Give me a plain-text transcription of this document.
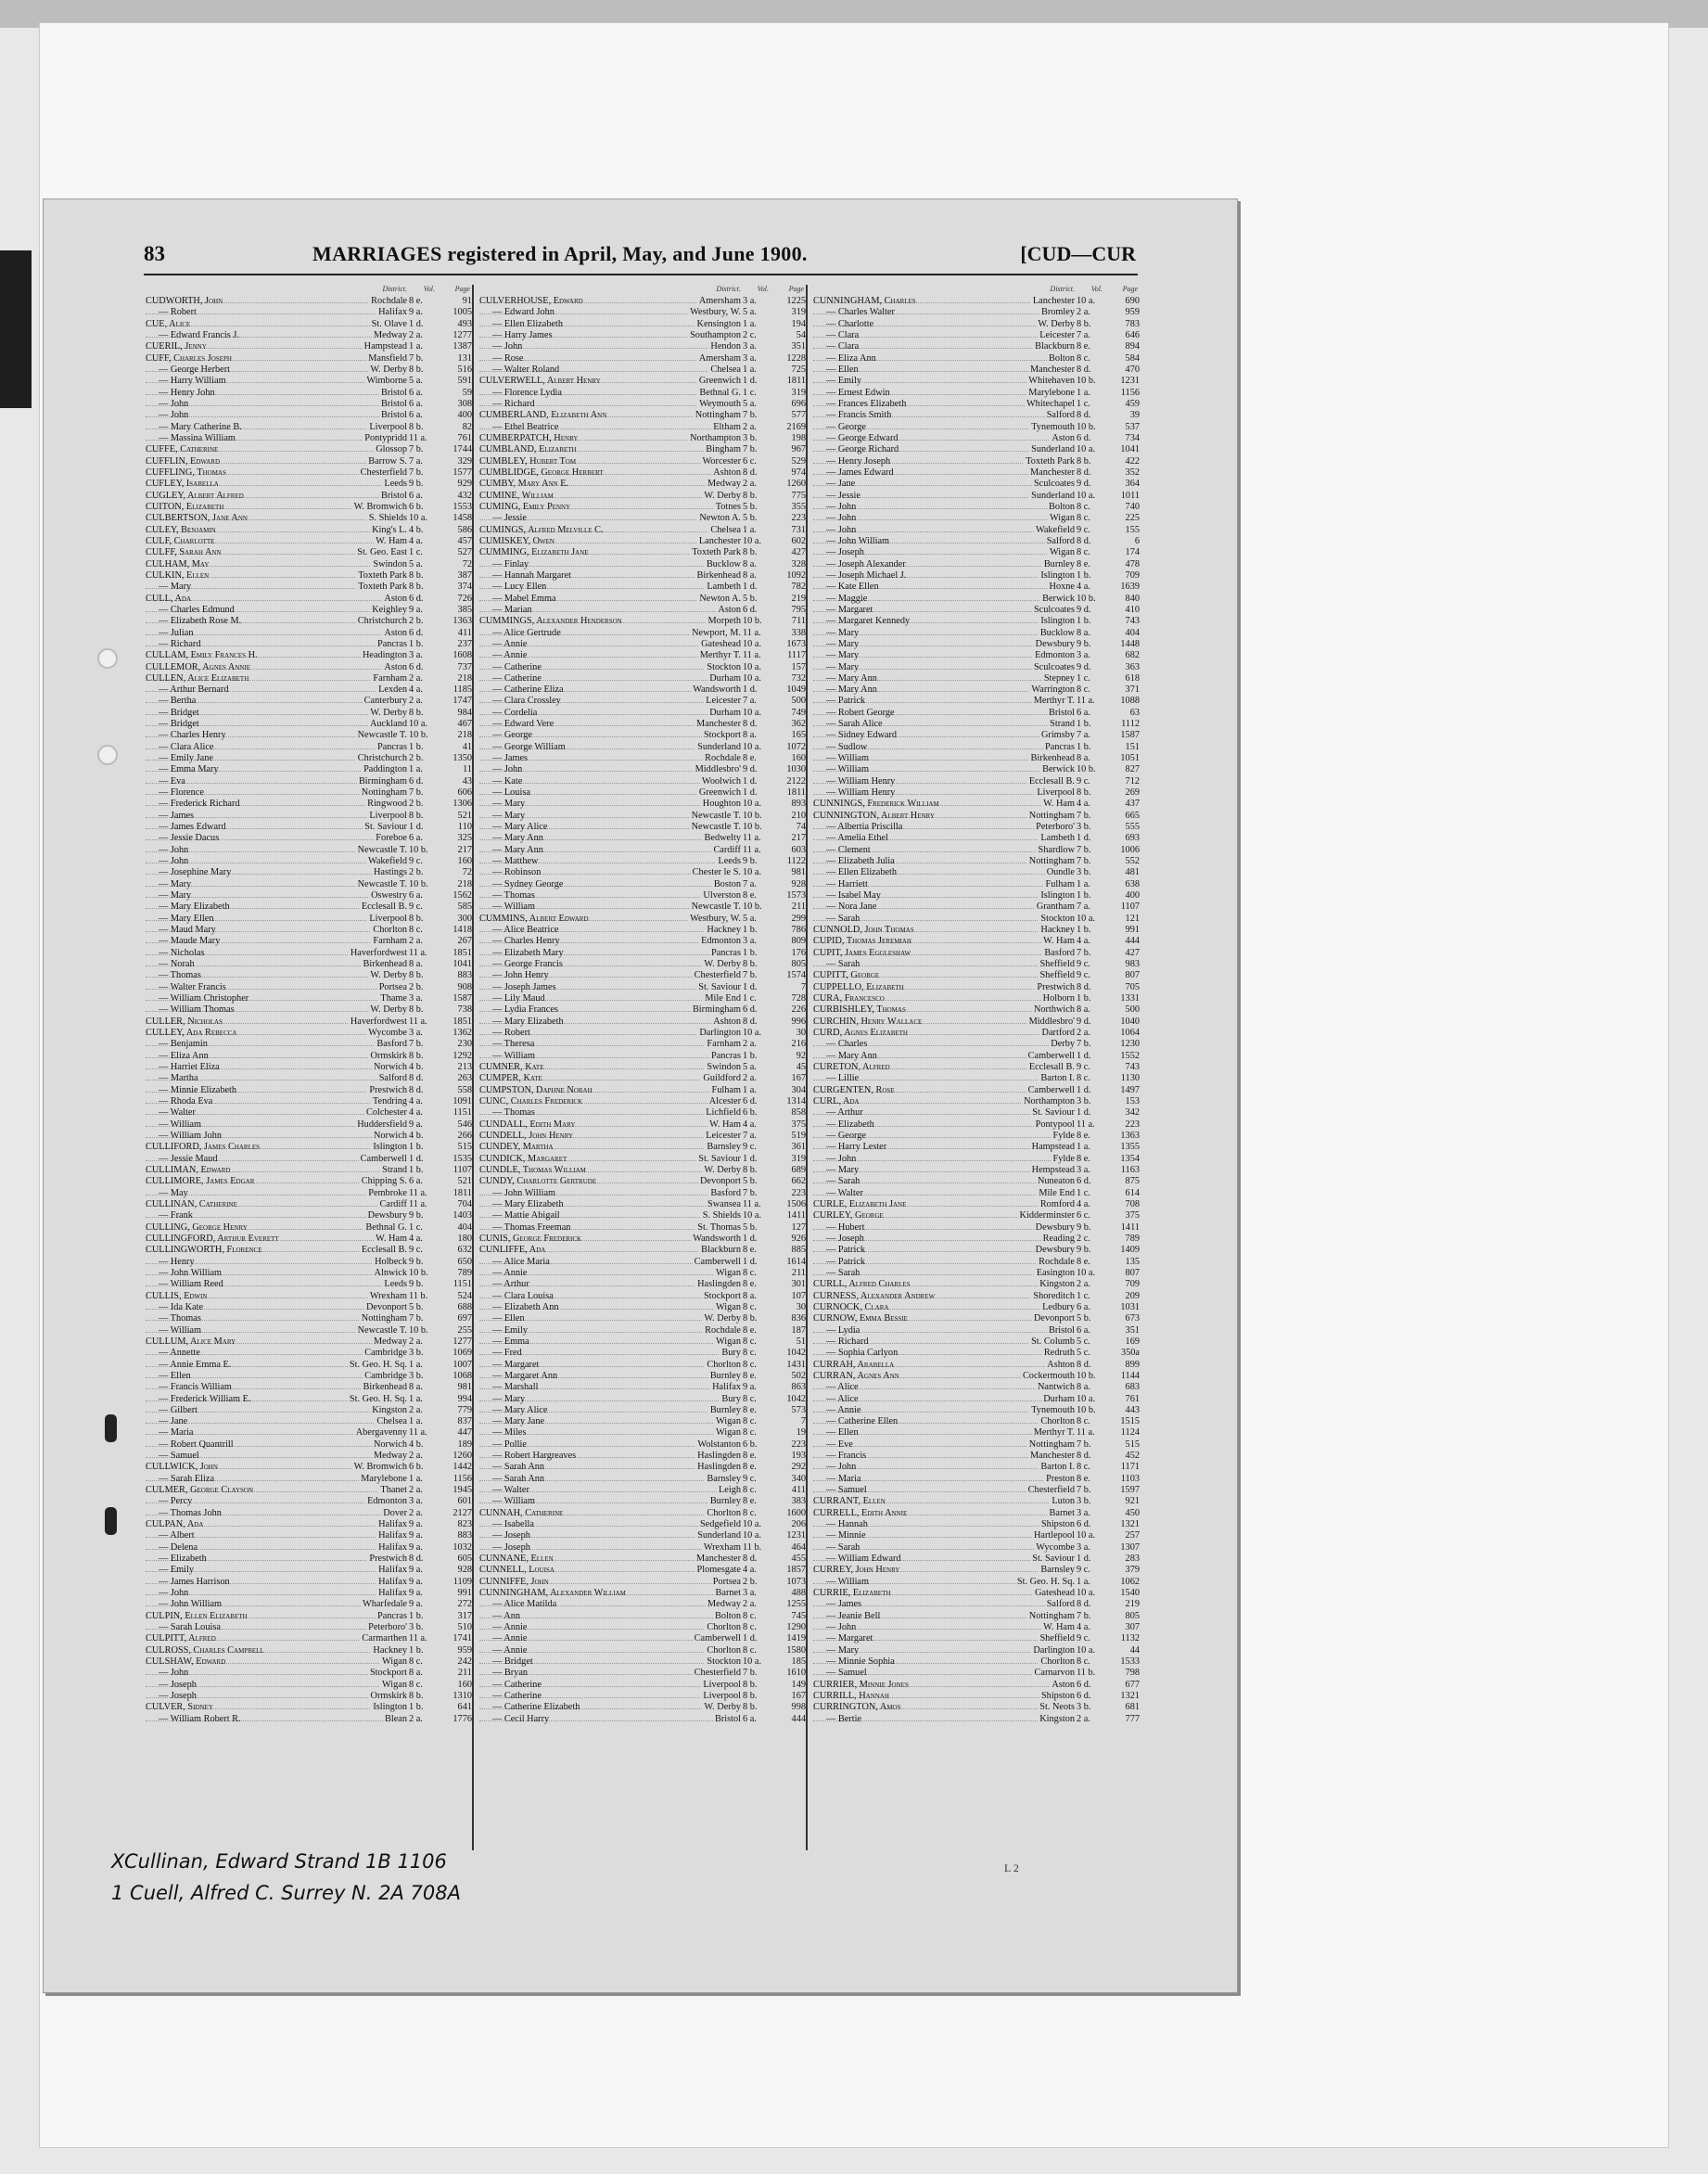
83	MARRIAGES registered in April, May, and June 1900.	[CUD—CUR
District. Vol.	Page
CUDWORTH, John	Rochdale 8 e.	91
— Robert	Halifax 9 a.	1005
CUE, Alice	St. Olave 1 d.	493
— Edward Francis J.	Medway 2 a.	1277
CUERIL, Jenny	Hampstead 1 a.	1387
CUFF, Charles Joseph	Mansfield 7 b.	131
— George Herbert	W. Derby 8 b.	516
— Harry William	Wimborne 5 a.	591
— Henry John	Bristol 6 a.	59
— John	Bristol 6 a.	308
— John	Bristol 6 a.	400
— Mary Catherine B.	Liverpool 8 b.	82
— Massina William	Pontypridd 11 a.	761
CUFFE, Catherine	Glossop 7 b.	1744
CUFFLIN, Edward	Barrow S. 7 a.	329
CUFFLING, Thomas	Chesterfield 7 b.	1577
CUFLEY, Isabella	Leeds 9 b.	929
CUGLEY, Albert Alfred	Bristol 6 a.	432
CUITON, Elizabeth	W. Bromwich 6 b.	1553
CULBERTSON, Jane Ann	S. Shields 10 a.	1458
CULEY, Benjamin	King's L. 4 b.	586
CULF, Charlotte	W. Ham 4 a.	457
CULFF, Sarah Ann	St. Geo. East 1 c.	527
CULHAM, May	Swindon 5 a.	72
CULKIN, Ellen	Toxteth Park 8 b.	387
— Mary	Toxteth Park 8 b.	374
CULL, Ada	Aston 6 d.	726
— Charles Edmund	Keighley 9 a.	385
— Elizabeth Rose M.	Christchurch 2 b.	1363
— Julian	Aston 6 d.	411
— Richard	Pancras 1 b.	237
CULLAM, Emily Frances H.	Headington 3 a.	1608
CULLEMOR, Agnes Annie	Aston 6 d.	737
CULLEN, Alice Elizabeth	Farnham 2 a.	218
— Arthur Bernard	Lexden 4 a.	1185
— Bertha	Canterbury 2 a.	1747
— Bridget	W. Derby 8 b.	984
— Bridget	Auckland 10 a.	467
— Charles Henry	Newcastle T. 10 b.	218
— Clara Alice	Pancras 1 b.	41
— Emily Jane	Christchurch 2 b.	1350
— Emma Mary	Paddington 1 a.	11
— Eva	Birmingham 6 d.	43
— Florence	Nottingham 7 b.	606
— Frederick Richard	Ringwood 2 b.	1306
— James	Liverpool 8 b.	521
— James Edward	St. Saviour 1 d.	110
— Jessie Dacus	Foreboe 6 a.	325
— John	Newcastle T. 10 b.	217
— John	Wakefield 9 c.	160
— Josephine Mary	Hastings 2 b.	72
— Mary	Newcastle T. 10 b.	218
— Mary	Oswestry 6 a.	1562
— Mary Elizabeth	Ecclesall B. 9 c.	585
— Mary Ellen	Liverpool 8 b.	300
— Maud Mary	Chorlton 8 c.	1418
— Maude Mary	Farnham 2 a.	267
— Nicholas	Haverfordwest 11 a.	1851
— Norah	Birkenhead 8 a.	1041
— Thomas	W. Derby 8 b.	883
— Walter Francis	Portsea 2 b.	908
— William Christopher	Thame 3 a.	1587
— William Thomas	W. Derby 8 b.	738
CULLER, Nicholas	Haverfordwest 11 a.	1851
CULLEY, Ada Rebecca	Wycombe 3 a.	1362
— Benjamin	Basford 7 b.	230
— Eliza Ann	Ormskirk 8 b.	1292
— Harriet Eliza	Norwich 4 b.	213
— Martha	Salford 8 d.	263
— Minnie Elizabeth	Prestwich 8 d.	558
— Rhoda Eva	Tendring 4 a.	1091
— Walter	Colchester 4 a.	1151
— William	Huddersfield 9 a.	546
— William John	Norwich 4 b.	266
CULLIFORD, James Charles	Islington 1 b.	515
— Jessie Maud	Camberwell 1 d.	1535
CULLIMAN, Edward	Strand 1 b.	1107
CULLIMORE, James Edgar	Chipping S. 6 a.	521
— May	Pembroke 11 a.	1811
CULLINAN, Catherine	Cardiff 11 a.	704
— Frank	Dewsbury 9 b.	1403
CULLING, George Henry	Bethnal G. 1 c.	404
CULLINGFORD, Arthur Everett	W. Ham 4 a.	180
CULLINGWORTH, Florence	Ecclesall B. 9 c.	632
— Henry	Holbeck 9 b.	650
— John William	Alnwick 10 b.	789
— William Reed	Leeds 9 b.	1151
CULLIS, Edwin	Wrexham 11 b.	524
— Ida Kate	Devonport 5 b.	688
— Thomas	Nottingham 7 b.	697
— William	Newcastle T. 10 b.	255
CULLUM, Alice Mary	Medway 2 a.	1277
— Annette	Cambridge 3 b.	1069
— Annie Emma E.	St. Geo. H. Sq. 1 a.	1007
— Ellen	Cambridge 3 b.	1068
— Francis William	Birkenhead 8 a.	981
— Frederick William E.	St. Geo. H. Sq. 1 a.	994
— Gilbert	Kingston 2 a.	779
— Jane	Chelsea 1 a.	837
— Maria	Abergavenny 11 a.	447
— Robert Quantrill	Norwich 4 b.	189
— Samuel	Medway 2 a.	1260
CULLWICK, John	W. Bromwich 6 b.	1442
— Sarah Eliza	Marylebone 1 a.	1156
CULMER, George Clayson	Thanet 2 a.	1945
— Percy	Edmonton 3 a.	601
— Thomas John	Dover 2 a.	2127
CULPAN, Ada	Halifax 9 a.	823
— Albert	Halifax 9 a.	883
— Delena	Halifax 9 a.	1032
— Elizabeth	Prestwich 8 d.	605
— Emily	Halifax 9 a.	928
— James Harrison	Halifax 9 a.	1109
— John	Halifax 9 a.	991
— John William	Wharfedale 9 a.	272
CULPIN, Ellen Elizabeth	Pancras 1 b.	317
— Sarah Louisa	Peterboro' 3 b.	510
CULPITT, Alfred	Carmarthen 11 a.	1741
CULROSS, Charles Campbell	Hackney 1 b.	959
CULSHAW, Edward	Wigan 8 c.	242
— John	Stockport 8 a.	211
— Joseph	Wigan 8 c.	160
— Joseph	Ormskirk 8 b.	1310
CULVER, Sidney	Islington 1 b.	641
— William Robert R.	Blean 2 a.	1776
District. Vol.	Page
CULVERHOUSE, Edward	Amersham 3 a.	1225
— Edward John	Westbury, W. 5 a.	319
— Ellen Elizabeth	Kensington 1 a.	194
— Harry James	Southampton 2 c.	54
— John	Hendon 3 a.	351
— Rose	Amersham 3 a.	1228
— Walter Roland	Chelsea 1 a.	725
CULVERWELL, Albert Henry	Greenwich 1 d.	1811
— Florence Lydia	Bethnal G. 1 c.	319
— Richard	Weymouth 5 a.	696
CUMBERLAND, Elizabeth Ann	Nottingham 7 b.	577
— Ethel Beatrice	Eltham 2 a.	2169
CUMBERPATCH, Henry	Northampton 3 b.	198
CUMBLAND, Elizabeth	Bingham 7 b.	967
CUMBLEY, Hubert Tom	Worcester 6 c.	529
CUMBLIDGE, George Herbert	Ashton 8 d.	974
CUMBY, Mary Ann E.	Medway 2 a.	1260
CUMINE, William	W. Derby 8 b.	775
CUMING, Emily Penny	Totnes 5 b.	355
— Jessie	Newton A. 5 b.	223
CUMINGS, Alfred Melville C.	Chelsea 1 a.	731
CUMISKEY, Owen	Lanchester 10 a.	602
CUMMING, Elizabeth Jane	Toxteth Park 8 b.	427
— Finlay	Bucklow 8 a.	328
— Hannah Margaret	Birkenhead 8 a.	1092
— Lucy Ellen	Lambeth 1 d.	782
— Mabel Emma	Newton A. 5 b.	219
— Marian	Aston 6 d.	795
CUMMINGS, Alexander Henderson	Morpeth 10 b.	711
— Alice Gertrude	Newport, M. 11 a.	338
— Annie	Gateshead 10 a.	1673
— Annie	Merthyr T. 11 a.	1117
— Catherine	Stockton 10 a.	157
— Catherine	Durham 10 a.	732
— Catherine Eliza	Wandsworth 1 d.	1049
— Clara Crossley	Leicester 7 a.	500
— Cordelia	Durham 10 a.	749
— Edward Vere	Manchester 8 d.	362
— George	Stockport 8 a.	165
— George William	Sunderland 10 a.	1072
— James	Rochdale 8 e.	160
— John	Middlesbro' 9 d.	1030
— Kate	Woolwich 1 d.	2122
— Louisa	Greenwich 1 d.	1811
— Mary	Houghton 10 a.	893
— Mary	Newcastle T. 10 b.	210
— Mary Alice	Newcastle T. 10 b.	74
— Mary Ann	Bedwelty 11 a.	217
— Mary Ann	Cardiff 11 a.	603
— Matthew	Leeds 9 b.	1122
— Robinson	Chester le S. 10 a.	981
— Sydney George	Boston 7 a.	928
— Thomas	Ulverston 8 e.	1573
— William	Newcastle T. 10 b.	211
CUMMINS, Albert Edward	Westbury, W. 5 a.	299
— Alice Beatrice	Hackney 1 b.	786
— Charles Henry	Edmonton 3 a.	809
— Elizabeth Mary	Pancras 1 b.	176
— George Francis	W. Derby 8 b.	805
— John Henry	Chesterfield 7 b.	1574
— Joseph James	St. Saviour 1 d.	7
— Lily Maud	Mile End 1 c.	728
— Lydia Frances	Birmingham 6 d.	226
— Mary Elizabeth	Ashton 8 d.	996
— Robert	Darlington 10 a.	30
— Theresa	Farnham 2 a.	216
— William	Pancras 1 b.	92
CUMNER, Kate	Swindon 5 a.	45
CUMPER, Kate	Guildford 2 a.	167
CUMPSTON, Daphne Norah	Fulham 1 a.	304
CUNC, Charles Frederick	Alcester 6 d.	1314
— Thomas	Lichfield 6 b.	858
CUNDALL, Edith Mary	W. Ham 4 a.	375
CUNDELL, John Henry	Leicester 7 a.	519
CUNDEY, Martha	Barnsley 9 c.	361
CUNDICK, Margaret	St. Saviour 1 d.	319
CUNDLE, Thomas William	W. Derby 8 b.	689
CUNDY, Charlotte Gertrude	Devonport 5 b.	662
— John William	Basford 7 b.	223
— Mary Elizabeth	Swansea 11 a.	1506
— Mattie Abigail	S. Shields 10 a.	1411
— Thomas Freeman	St. Thomas 5 b.	127
CUNIS, George Frederick	Wandsworth 1 d.	926
CUNLIFFE, Ada	Blackburn 8 e.	885
— Alice Maria	Camberwell 1 d.	1614
— Annie	Wigan 8 c.	211
— Arthur	Haslingden 8 e.	301
— Clara Louisa	Stockport 8 a.	107
— Elizabeth Ann	Wigan 8 c.	30
— Ellen	W. Derby 8 b.	836
— Emily	Rochdale 8 e.	187
— Emma	Wigan 8 c.	51
— Fred	Bury 8 c.	1042
— Margaret	Chorlton 8 c.	1431
— Margaret Ann	Burnley 8 e.	502
— Marshall	Halifax 9 a.	863
— Mary	Bury 8 c.	1042
— Mary Alice	Burnley 8 e.	573
— Mary Jane	Wigan 8 c.	7
— Miles	Wigan 8 c.	19
— Pollie	Wolstanton 6 b.	223
— Robert Hargreaves	Haslingden 8 e.	193
— Sarah Ann	Haslingden 8 e.	292
— Sarah Ann	Barnsley 9 c.	340
— Walter	Leigh 8 c.	411
— William	Burnley 8 e.	383
CUNNAH, Catherine	Chorlton 8 c.	1600
— Isabella	Sedgefield 10 a.	206
— Joseph	Sunderland 10 a.	1231
— Joseph	Wrexham 11 b.	464
CUNNANE, Ellen	Manchester 8 d.	455
CUNNELL, Louisa	Plomesgate 4 a.	1857
CUNNIFFE, John	Portsea 2 b.	1073
CUNNINGHAM, Alexander William	Barnet 3 a.	488
— Alice Matilda	Medway 2 a.	1255
— Ann	Bolton 8 c.	745
— Annie	Chorlton 8 c.	1290
— Annie	Camberwell 1 d.	1419
— Annie	Chorlton 8 c.	1580
— Bridget	Stockton 10 a.	185
— Bryan	Chesterfield 7 b.	1610
— Catherine	Liverpool 8 b.	149
— Catherine	Liverpool 8 b.	167
— Catherine Elizabeth	W. Derby 8 b.	998
— Cecil Harry	Bristol 6 a.	444
District. Vol.	Page
CUNNINGHAM, Charles	Lanchester 10 a.	690
— Charles Walter	Bromley 2 a.	959
— Charlotte	W. Derby 8 b.	783
— Clara	Leicester 7 a.	646
— Clara	Blackburn 8 e.	894
— Eliza Ann	Bolton 8 c.	584
— Ellen	Manchester 8 d.	470
— Emily	Whitehaven 10 b.	1231
— Ernest Edwin	Marylebone 1 a.	1156
— Frances Elizabeth	Whitechapel 1 c.	459
— Francis Smith	Salford 8 d.	39
— George	Tynemouth 10 b.	537
— George Edward	Aston 6 d.	734
— George Richard	Sunderland 10 a.	1041
— Henry Joseph	Toxteth Park 8 b.	422
— James Edward	Manchester 8 d.	352
— Jane	Sculcoates 9 d.	364
— Jessie	Sunderland 10 a.	1011
— John	Bolton 8 c.	740
— John	Wigan 8 c.	225
— John	Wakefield 9 c.	155
— John William	Salford 8 d.	6
— Joseph	Wigan 8 c.	174
— Joseph Alexander	Burnley 8 e.	478
— Joseph Michael J.	Islington 1 b.	709
— Kate Ellen	Hoxne 4 a.	1639
— Maggie	Berwick 10 b.	840
— Margaret	Sculcoates 9 d.	410
— Margaret Kennedy	Islington 1 b.	743
— Mary	Bucklow 8 a.	404
— Mary	Dewsbury 9 b.	1448
— Mary	Edmonton 3 a.	682
— Mary	Sculcoates 9 d.	363
— Mary Ann	Stepney 1 c.	618
— Mary Ann	Warrington 8 c.	371
— Patrick	Merthyr T. 11 a.	1088
— Robert George	Bristol 6 a.	63
— Sarah Alice	Strand 1 b.	1112
— Sidney Edward	Grimsby 7 a.	1587
— Sudlow	Pancras 1 b.	151
— William	Birkenhead 8 a.	1051
— William	Berwick 10 b.	827
— William Henry	Ecclesall B. 9 c.	712
— William Henry	Liverpool 8 b.	269
CUNNINGS, Frederick William	W. Ham 4 a.	437
CUNNINGTON, Albert Henry	Nottingham 7 b.	665
— Albertia Priscilla	Peterboro' 3 b.	555
— Amelia Ethel	Lambeth 1 d.	693
— Clement	Shardlow 7 b.	1006
— Elizabeth Julia	Nottingham 7 b.	552
— Ellen Elizabeth	Oundle 3 b.	481
— Harriett	Fulham 1 a.	638
— Isabel May	Islington 1 b.	400
— Nora Jane	Grantham 7 a.	1107
— Sarah	Stockton 10 a.	121
CUNNOLD, John Thomas	Hackney 1 b.	991
CUPID, Thomas Jeremiah	W. Ham 4 a.	444
CUPIT, James Eggleshaw	Basford 7 b.	427
— Sarah	Sheffield 9 c.	983
CUPITT, George	Sheffield 9 c.	807
CUPPELLO, Elizabeth	Prestwich 8 d.	705
CURA, Francesco	Holborn 1 b.	1331
CURBISHLEY, Thomas	Northwich 8 a.	500
CURCHIN, Henry Wallace	Middlesbro' 9 d.	1040
CURD, Agnes Elizabeth	Dartford 2 a.	1064
— Charles	Derby 7 b.	1230
— Mary Ann	Camberwell 1 d.	1552
CURETON, Alfred	Ecclesall B. 9 c.	743
— Lillie	Barton I. 8 c.	1130
CURGENTEN, Rose	Camberwell 1 d.	1497
CURL, Ada	Northampton 3 b.	153
— Arthur	St. Saviour 1 d.	342
— Elizabeth	Pontypool 11 a.	223
— George	Fylde 8 e.	1363
— Harry Lester	Hampstead 1 a.	1355
— John	Fylde 8 e.	1354
— Mary	Hempstead 3 a.	1163
— Sarah	Nuneaton 6 d.	875
— Walter	Mile End 1 c.	614
CURLE, Elizabeth Jane	Romford 4 a.	708
CURLEY, George	Kidderminster 6 c.	375
— Hubert	Dewsbury 9 b.	1411
— Joseph	Reading 2 c.	789
— Patrick	Dewsbury 9 b.	1409
— Patrick	Rochdale 8 e.	135
— Sarah	Easington 10 a.	807
CURLL, Alfred Charles	Kingston 2 a.	709
CURNESS, Alexander Andrew	Shoreditch 1 c.	209
CURNOCK, Clara	Ledbury 6 a.	1031
CURNOW, Emma Bessie	Devonport 5 b.	673
— Lydia	Bristol 6 a.	351
— Richard	St. Columb 5 c.	169
— Sophia Carlyon	Redruth 5 c.	350a
CURRAH, Arabella	Ashton 8 d.	899
CURRAN, Agnes Ann	Cockermouth 10 b.	1144
— Alice	Nantwich 8 a.	683
— Alice	Durham 10 a.	761
— Annie	Tynemouth 10 b.	443
— Catherine Ellen	Chorlton 8 c.	1515
— Ellen	Merthyr T. 11 a.	1124
— Eve	Nottingham 7 b.	515
— Francis	Manchester 8 d.	452
— John	Barton I. 8 c.	1171
— Maria	Preston 8 e.	1103
— Samuel	Chesterfield 7 b.	1597
CURRANT, Ellen	Luton 3 b.	921
CURRELL, Edith Annie	Barnet 3 a.	450
— Hannah	Shipston 6 d.	1321
— Minnie	Hartlepool 10 a.	257
— Sarah	Wycombe 3 a.	1307
— William Edward	St. Saviour 1 d.	283
CURREY, John Henry	Barnsley 9 c.	379
— William	St. Geo. H. Sq. 1 a.	1062
CURRIE, Elizabeth	Gateshead 10 a.	1540
— James	Salford 8 d.	219
— Jeanie Bell	Nottingham 7 b.	805
— John	W. Ham 4 a.	307
— Margaret	Sheffield 9 c.	1132
— Mary	Darlington 10 a.	44
— Minnie Sophia	Chorlton 8 c.	1533
— Samuel	Carnarvon 11 b.	798
CURRIER, Minnie Jones	Aston 6 d.	677
CURRILL, Hannah	Shipston 6 d.	1321
CURRINGTON, Amos	St. Neots 3 b.	681
— Bertie	Kingston 2 a.	777
L 2
XCullinan, Edward Strand 1B 1106
1 Cuell, Alfred C. Surrey N. 2A 708A
